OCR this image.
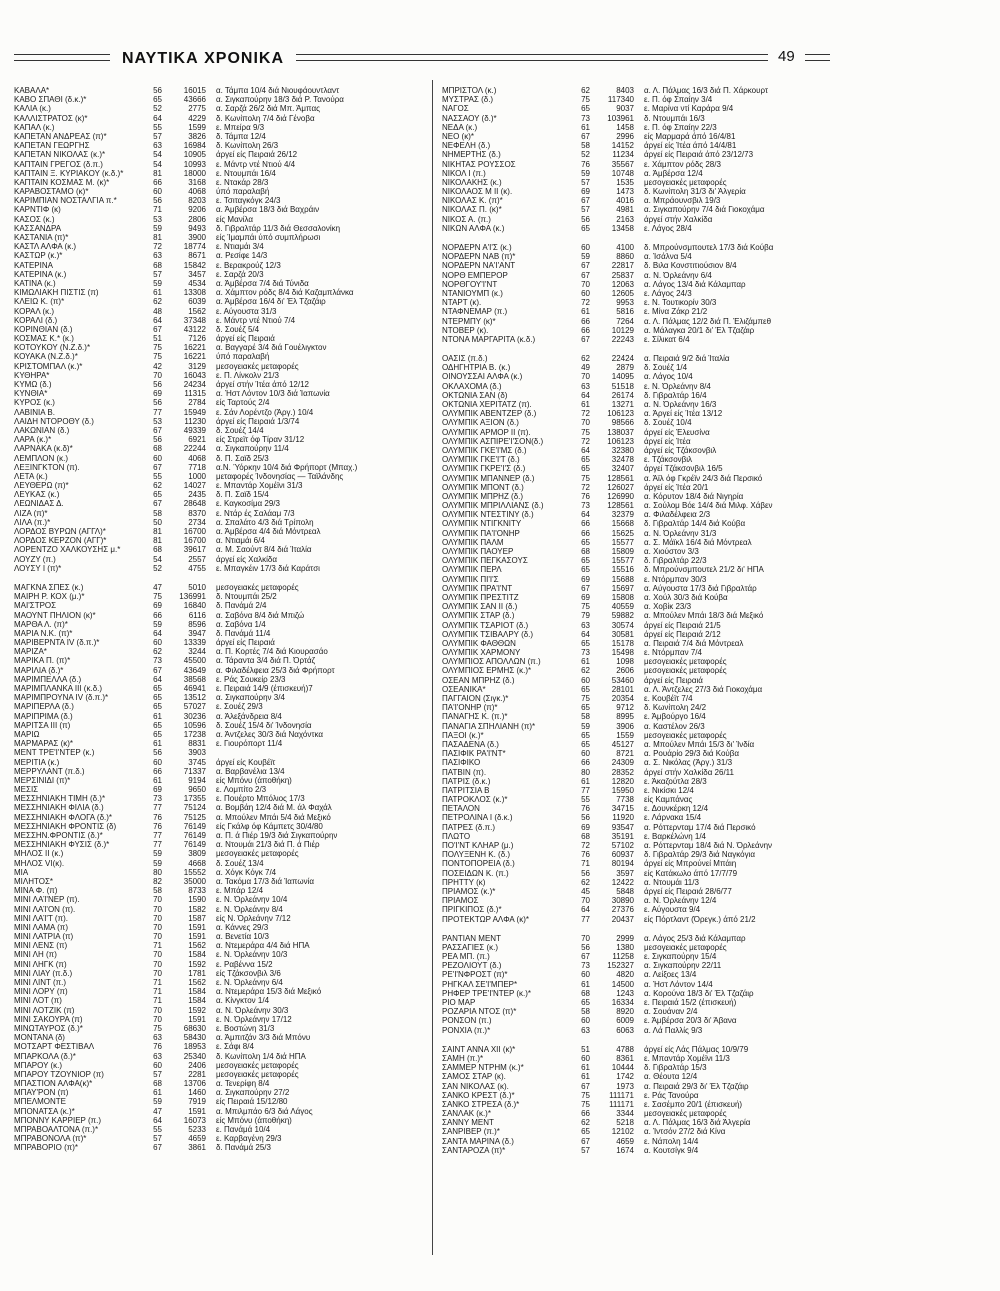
ΝΑΥΤΙΚΑ ΧΡΟΝΙΚΑ	49
ΚΑΒΑΛΑ*	56	16015	α. Τάμπα 10/4 διά Νιουφάουντλαντ
ΚΑΒΟ ΣΠΑΘΙ (δ.κ.)*	65	43666	α. Σιγκαπούρην 18/3 διά Ρ. Τανούρα
ΚΑΛΙΑ (κ.)	52	2775	α. Σαρζά 26/2 διά Μπ. Άμπας
ΚΑΛΛΙΣΤΡΑΤΟΣ (κ)*	64	4229	δ. Κωνίπολη 7/4 διά Γένοβα
ΚΑΠΑΛ (κ.)	55	1599	ε. Μπείρα 9/3
ΚΑΠΕΤΑΝ ΑΝΔΡΕΑΣ (π)*	57	3826	δ. Τάμπα 12/4
ΚΑΠΕΤΑΝ ΓΕΩΡΓΗΣ	63	16984	δ. Κωνίπολη 26/3
ΚΑΠΕΤΑΝ ΝΙΚΟΛΑΣ (κ.)*	54	10905	άργεί είς Πειραιά 26/12
ΚΑΠΤΑΙΝ ΓΡΕΓΟΣ (δ.π.)	54	10993	ε. Μάντρ ντέ Ντιού 4/4
ΚΑΠΤΑΙΝ Ξ. ΚΥΡΙΑΚΟΥ (κ.δ.)*	81	18000	ε. Ντουμπάι 16/4
ΚΑΠΤΑΙΝ ΚΟΣΜΑΣ Μ. (κ)*	66	3168	ε. Ντακάρ 28/3
ΚΑΡΑΒΟΣΤΑΜΟ (κ)*	60	4068	ύπό παραλαβή
ΚΑΡΙΜΠΙΑΝ ΝΟΣΤΑΛΓΙΑ π.*	56	8203	ε. Τσιταγκόγκ 24/3
ΚΑΡΝΤΙΦ (κ)	71	9206	α. Άμβέρσα 18/3 διά Βαχράιν
ΚΑΣΟΣ (κ.)	53	2806	είς Μανίλα
ΚΑΣΣΑΝΔΡΑ	59	9493	δ. Γιβραλτάρ 11/3 διά Θεσσαλονίκη
ΚΑΣΤΑΝΙΑ (π)*	81	3900	είς Ίμαμπάι ύπό συμπλήρωσι
ΚΑΣΤΛ ΑΛΦΑ (κ.)	72	18774	ε. Ντιαμάι 3/4
ΚΑΣΤΩΡ (κ.)*	63	8671	α. Ρεσίφε 14/3
ΚΑΤΕΡΙΝΑ	68	15842	ε. Βερακρούζ 12/3
ΚΑΤΕΡΙΝΑ (κ.)	57	3457	ε. Σαρζά 20/3
ΚΑΤΙΝΑ (κ.)	59	4534	α. Άμβέρσα 7/4 διά Τύνιδα
ΚΙΜΩΛΙΑΚΗ ΠΙΣΤΙΣ (π)	61	13308	α. Χάμπτον ρόδς 8/4 διά Καζαμπλάνκα
ΚΛΕΙΩ Κ. (π)*	62	6039	α. Άμβέρσα 16/4 δι' Έλ Τζαζάιρ
ΚΟΡΑΛ (κ.)	48	1562	ε. Αύγουστα 31/3
ΚΟΡΑΛΙ (δ.)	64	37348	ε. Μάντρ ντέ Ντιού 7/4
ΚΟΡΙΝΘΙΑΝ (δ.)	67	43122	δ. Σουέζ 5/4
ΚΟΣΜΑΣ Κ.* (κ.)	51	7126	άργεί είς Πειραιά
ΚΟΤΟΥΚΟΥ (Ν.Ζ.δ.)*	75	16221	α. Βαγγαρέ 3/4 διά Γουέλιγκτον
ΚΟΥΑΚΑ (Ν.Ζ.δ.)*	75	16221	ύπό παραλαβή
ΚΡΙΣΤΟΜΠΑΛ (κ.)*	42	3129	μεσογειακές μεταφορές
ΚΥΘΗΡΑ*	70	16043	ε. Π. Λίνκολν 21/3
ΚΥΜΩ (δ.)	56	24234	άργεί στήν Ίτέα άπό 12/12
ΚΥΝΘΙΑ*	69	11315	α. Ήστ Λόντον 10/3 διά Ίαπωνία
ΚΥΡΟΣ (κ.)	56	2784	είς Ταρτούς 2/4
ΛΑΒΙΝΙΑ Β.	77	15949	ε. Σάν Λορέντζο (Άργ.) 10/4
ΛΑΙΔΗ ΝΤΟΡΟΘΥ (δ.)	53	11230	άργεί είς Πειραιά 1/3/74
ΛΑΚΩΝΙΑΝ (δ.)	67	49339	δ. Σουέζ 14/4
ΛΑΡΑ (κ.)*	56	6921	είς Στρεϊτ όφ Τίραν 31/12
ΛΑΡΝΑΚΑ (κ.δ)*	68	22244	α. Σιγκαπούρην 11/4
ΛΕΜΠΛΟΝ (κ.)	60	4068	δ. Π. Σαϊδ 25/3
ΛΕΞΙΝΓΚΤΟΝ (π).	67	7718	α.Ν. Ύόρκην 10/4 διά Φρήπορτ (Μπαχ.)
ΛΕΤΑ (κ.)	55	1000	μεταφορές Ίνδονησίας — Ταϊλάνδης
ΛΕΥΘΕΡΩ (π)*	62	14027	ε. Μπαντάρ Χομέϊνι 31/3
ΛΕΥΚΑΣ (κ.)	65	2435	δ. Π. Σαϊδ 15/4
ΛΕΩΝΙΔΑΣ Δ.	67	28648	ε. Καγκοσίμα 29/3
ΛΙΖΑ (π)*	58	8370	ε. Ντάρ ές Σαλάαμ 7/3
ΛΙΛΑ (π.)*	50	2734	α. Σπαλάτο 4/3 διά Τρίπολη
ΛΟΡΔΟΣ ΒΥΡΩΝ (ΑΓΓΛ)*	81	16700	α. Άμβέρσα 4/4 διά Μόντρεαλ
ΛΟΡΔΟΣ ΚΕΡΖΟΝ (ΑΓΓ)*	81	16700	α. Ντιαμάι 6/4
ΛΟΡΕΝΤΖΟ ΧΑΛΚΟΥΣΗΣ μ.*	68	39617	α. Μ. Σαούντ 8/4 διά Ίταλία
ΛΟΥΖΥ (π.)	54	2557	άργεί είς Χαλκίδα
ΛΟΥΣΥ Ι (π)*	52	4755	ε. Μπαγκέιν 17/3 διά Καράτσι
ΜΑΓΚΝΑ ΣΠΕΣ (κ.)	47	5010	μεσογειακές μεταφορές
ΜΑΙΡΗ Ρ. ΚΟΧ (μ.)*	75	136991	δ. Ντουμπάι 25/2
ΜΑΙ'ΣΤΡΟΣ	69	16840	δ. Πανάμά 2/4
ΜΑΟΥΝΤ ΠΗΛΙΟΝ (κ)*	66	6116	α. Σαβόνα 8/4 διά Μπιζώ
ΜΑΡΘΑ Λ. (π)*	59	8596	α. Σαβόνα 1/4
ΜΑΡΙΑ Ν.Κ. (π)*	64	3947	δ. Πανάμά 11/4
ΜΑΡΙΒΕΡΝΤΑ IV (δ.π.)*	60	13339	άργεί είς Πειραιά
ΜΑΡΙΖΑ*	62	3244	α. Π. Κορτές 7/4 διά Κιουρασάο
ΜΑΡΙΚΑ Π. (π)*	73	45500	α. Τάραντα 3/4 διά Π. Όρτάζ
ΜΑΡΙΛΙΑ (δ.)*	67	43649	α. Φιλαδέλφεια 25/3 διά Φρήπορτ
ΜΑΡΙΜΠΕΛΛΑ (δ.)	64	38568	ε. Ράς Σουκείρ 23/3
ΜΑΡΙΜΠΛΑΝΚΑ ΙΙΙ (κ.δ.)	65	46941	ε. Πειραιά 14/9 (έπισκευή)7
ΜΑΡΙΜΠΡΟΥΝΑ IV (δ.π.)*	65	13512	α. Σιγκαπούρην 3/4
ΜΑΡΙΠΕΡΛΑ (δ.)	65	57027	ε. Σουέζ 29/3
ΜΑΡΙΠΡΙΜΑ (δ.)	61	30236	α. Άλεξάνδρεια 8/4
ΜΑΡΙΤΣΑ ΙΙΙ (π)	65	10596	δ. Σουέζ 15/4 δι' Ίνδονησία
ΜΑΡΙΩ	65	17238	α. Άντζελες 30/3 διά Ναχόντκα
ΜΑΡΜΑΡΑΣ (κ)*	61	8831	ε. Γιουρόπορτ 11/4
ΜΕΝΤ ΤΡΕ'Ι'ΝΤΕΡ (κ.)	56	3903
ΜΕΡΙΤΙΑ (κ.)	60	3745	άργεί είς Κουβέϊτ
ΜΕΡΡΥΛΑΝΤ (π.δ.)	66	71337	α. Βαρβανέλια 13/4
ΜΕΡΣΙΝΙΔΙ (π)*	61	9194	είς Μπόνυ (άποθήκη)
ΜΕΣΙΣ	69	9650	ε. Λομπίτο 2/3
ΜΕΣΣΗΝΙΑΚΗ ΤΙΜΗ (δ.)*	73	17355	ε. Πουέρτο Μπόλιος 17/3
ΜΕΣΣΗΝΙΑΚΗ ΦΙΛΙΑ (δ.)	77	75124	α. Βομβάη 12/4 διά Μ. άλ Φαχάλ
ΜΕΣΣΗΝΙΑΚΗ ΦΛΟΓΑ (δ.)*	76	75125	α. Μπούλεν Μπάι 5/4 διά Μεξικό
ΜΕΣΣΗΝΙΑΚΗ ΦΡΟΝΤΙΣ (δ)	76	76149	είς Γκάλφ όφ Κάμπετς 30/4/80
ΜΕΣΣΗΝ.ΦΡΟΝΤΙΣ (δ.)*	77	76149	α. Π. ά Πιέρ 19/3 διά Σιγκαπούρην
ΜΕΣΣΗΝΙΑΚΗ ΦΥΣΙΣ (δ.)*	77	76149	α. Ντουμάι 21/3 διά Π. ά Πιέρ
ΜΗΛΟΣ ΙΙ (κ.)	59	3809	μεσογειακές μεταφορές
ΜΗΛΟΣ VΙ(κ).	59	4668	δ. Σουέζ 13/4
ΜΙΑ	80	15552	α. Χόγκ Κόγκ 7/4
ΜΙΛΗΤΟΣ*	82	35000	α. Τακόμα 17/3 διά Ίαπωνία
ΜΙΝΑ Φ. (π)	58	8733	ε. Μπάρ 12/4
ΜΙΝΙ ΛΑΊ'ΝΕΡ (π).	70	1590	ε. Ν. Όρλεάνην 10/4
ΜΙΝΙ ΛΑΊ'ΟΝ (π).	70	1582	ε. Ν. Όρλεάνην 8/4
ΜΙΝΙ ΛΑΊ'Τ (π).	70	1587	είς Ν. Όρλεάνην 7/12
ΜΙΝΙ ΛΑΜΑ (π)	70	1591	α. Κάννες 29/3
ΜΙΝΙ ΛΑΤΡΙΑ (π)	70	1591	α. Βενετία 10/3
ΜΙΝΙ ΛΕΝΣ (π)	71	1562	α. Ντεμεράρα 4/4 διά ΗΠΑ
ΜΙΝΙ ΛΗ (π)	70	1584	ε. Ν. Όρλεάνην 10/3
ΜΙΝΙ ΛΗΓΚ (π)	70	1592	ε. Ραβέννα 15/2
ΜΙΝΙ ΛΙΑΥ (π.δ.)	70	1781	είς Τζάκσονβιλ 3/6
ΜΙΝΙ ΛΙΝΤ (π.)	71	1562	ε. Ν. Όρλεάνην 6/4
ΜΙΝΙ ΛΟΡΥ (π)	71	1584	α. Ντεμεράρα 15/3 διά Μεξικό
ΜΙΝΙ ΛΟΤ (π)	71	1584	α. Κίνγκτον 1/4
ΜΙΝΙ ΛΟΤΖΙΚ (π)	70	1592	α. Ν. Όρλεάνην 30/3
ΜΙΝΙ ΣΑΚΟΥΡΑ (π)	70	1591	ε. Ν. Όρλεάνην 17/12
ΜΙΝΩΤΑΥΡΟΣ (δ.)*	75	68630	ε. Βοστώνη 31/3
ΜΟΝΤΑΝΑ (δ)	63	58430	α. Άμπιτζάν 3/3 διά Μπόνυ
ΜΟΤΣΑΡΤ ΦΕΣΤΙΒΑΛ	76	18953	ε. Σάφι 8/4
ΜΠΑΡΚΟΛΑ (δ.)*	63	25340	δ. Κωνίπολη 1/4 διά ΗΠΑ
ΜΠΑΡΟΥ (κ.)	60	2406	μεσογειακές μεταφορές
ΜΠΑΡΟΥ ΤΖΟΥΝΙΟΡ (π)	57	2281	μεσογειακές μεταφορές
ΜΠΑΣΤΙΟΝ ΑΛΦΑ(κ)*	68	13706	α. Τενερίφη 8/4
ΜΠΑΥ'ΡΟΝ (π)	61	1460	α. Σιγκαπούρην 27/2
ΜΠΕΛΜΟΝΤΕ	59	7919	είς Πειραιά 15/12/80
ΜΠΟΝΑΤΣΑ (κ.)*	47	1591	α. Μπιλμπάο 6/3 διά Λάγος
ΜΠΟΝΝΥ ΚΑΡΡΙΕΡ (π.)	64	16073	είς Μπόνυ (άποθήκη)
ΜΠΡΑΒΟΑΛΤΟΝΑ (π.)*	55	5233	ε. Πανάμά 10/4
ΜΠΡΑΒΟΝΟΛΑ (π)*	57	4659	ε. Καρβαγένη 29/3
ΜΠΡΑΒΟΡΙΟ (π)*	67	3861	δ. Πανάμά 25/3
ΜΠΡΙΣΤΟΛ (κ.)	62	8403	α. Λ. Πάλμας 16/3 διά Π. Χάρκουρτ
ΜΥΣΤΡΑΣ (δ.)	75	117340	ε. Π. όφ Σπαίην 3/4
ΝΑΓΟΣ	65	9037	ε. Μαρίνα ντί Καράρα 9/4
ΝΑΣΣΑΟΥ (δ.)*	73	103961	δ. Ντουμπάι 16/3
ΝΕΔΑ (κ.)	61	1458	ε. Π. όφ Σπαίην 22/3
ΝΕΟ (κ)*	67	2996	είς Μαρμαρά άπό 16/4/81
ΝΕΦΕΛΗ (δ.)	58	14152	άργεί είς Ίτέα άπό 14/4/81
ΝΗΜΕΡΤΗΣ (δ.)	52	11234	άργεί είς Πειραιά άπό 23/12/73
ΝΙΚΗΤΑΣ ΡΟΥΣΣΟΣ	76	35567	ε. Χάμπτον ρόδς 28/3
ΝΙΚΟΛ Ι (π.)	59	10748	α. Άμβέρσα 12/4
ΝΙΚΟΛΑΚΗΣ (κ.)	57	1535	μεσογειακές μεταφορές
ΝΙΚΟΛΑΟΣ Μ ΙΙ (κ).	69	1473	δ. Κωνίπολη 31/3 δι' Άλγερία
ΝΙΚΟΛΑΣ Κ. (π)*	67	4016	α. Μπράουνσβιλ 19/3
ΝΙΚΟΛΑΣ Π. (κ)*	57	4981	α. Σιγκαπούρην 7/4 διά Γιοκοχάμα
ΝΙΚΟΣ Α. (π.)	56	2163	άργεί στήν Χαλκίδα
ΝΙΚΩΝ ΑΛΦΑ (κ.)	65	13458	ε. Λάγος 28/4
ΝΟΡΔΕΡΝ Α'Ι'Σ (κ.)	60	4100	δ. Μπρούνσμπουτελ 17/3 διά Κούβα
ΝΟΡΔΕΡΝ ΝΑΒ (π)*	59	8860	α. Ίσάλνα 5/4
ΝΟΡΔΕΡΝ ΝΑ'Ι'ΑΝΤ	67	22817	δ. Βιλα Κονστιτιούσιον 8/4
ΝΟΡΘ ΕΜΠΕΡΟΡ	67	25837	α. Ν. Όρλεάνην 6/4
ΝΟΡΘΓΟΥ'Ι'ΝΤ	70	12063	α. Λάγος 13/4 διά Κάλαμπαρ
ΝΤΑΝΙΟΥΜΠ (κ.)	60	12605	ε. Λάγος 24/3
ΝΤΑΡΤ (κ).	72	9953	ε. Ν. Τουτικορίν 30/3
ΝΤΑΦΝΕΜΑΡ (π.)	61	5816	ε. Μίνα Ζάκρ 21/2
ΝΤΕΡΜΠΥ (κ)*	66	7264	α. Λ. Πάλμας 12/2 διά Π. Έλιζάμπεθ
ΝΤΟΒΕΡ (κ).	66	10129	α. Μάλαγκα 20/1 δι' Έλ Τζαζάιρ
ΝΤΟΝΑ ΜΑΡΓΑΡΙΤΑ (κ.δ.)	67	22243	ε. Σίλικατ 6/4
ΟΑΣΙΣ (π.δ.)	62	22424	α. Πειραιά 9/2 διά Ίταλία
ΟΔΗΓΗΤΡΙΑ Β. (κ.)	49	2879	δ. Σουέζ 1/4
ΟΙΝΟΥΣΣΑΙ ΑΛΦΑ (κ.)	70	14095	α. Λάγος 10/4
ΟΚΛΑΧΟΜΑ (δ.)	63	51518	ε. Ν. Όρλεάνην 8/4
ΟΚΤΩΝΙΑ ΣΑΝ (δ)	64	26174	δ. Γιβραλτάρ 16/4
ΟΚΤΩΝΙΑ ΧΕΡΙΤΑΤΖ (π).	61	13271	α. Ν. Όρλεάνην 16/3
ΟΛΥΜΠΙΚ ΑΒΕΝΤΖΕΡ (δ.)	72	106123	α. Άργεί είς Ίτέα 13/12
ΟΛΥΜΠΙΚ ΑΞΙΟΝ (δ.)	70	98566	δ. Σουέζ 10/4
ΟΛΥΜΠΙΚ ΑΡΜΟΡ ΙΙ (π).	75	138037	άργεί είς Έλευσίνα
ΟΛΥΜΠΙΚ ΑΣΠΙΡΕ'Ι'ΣΟΝ(δ.)	72	106123	άργεί είς Ίτέα
ΟΛΥΜΠΙΚ ΓΚΕ'Ι'ΜΣ (δ.)	64	32380	άργεί είς Τζάκσονβιλ
ΟΛΥΜΠΙΚ ΓΚΕ'Ι'Τ (δ.)	65	32478	ε. Τζάκσονβιλ
ΟΛΥΜΠΙΚ ΓΚΡΕ'Ι'Σ (δ.)	65	32407	άργεί Τζάκσονβιλ 16/5
ΟΛΥΜΠΙΚ ΜΠΑΝΝΕΡ (δ.)	75	128561	α. Άϊλ όφ Γκρέϊν 24/3 διά Περσικό
ΟΛΥΜΠΙΚ ΜΠΟΝΤ (δ.)	72	126027	άργεί είς Ίτέα 20/1
ΟΛΥΜΠΙΚ ΜΠΡΗΖ (δ.)	76	126990	α. Κόρυτον 18/4 διά Νιγηρία
ΟΛΥΜΠΙΚ ΜΠΡΙΛΛΙΑΝΣ (δ.)	73	128561	α. Σούλομ Βόε 14/4 διά Μιλφ. Χάβεν
ΟΛΥΜΠΙΚ ΝΤΕΣΤΙΝΥ (δ.)	64	32379	α. Φιλαδέλφεια 2/3
ΟΛΥΜΠΙΚ ΝΤΙΓΚΝΙΤΥ	66	15668	δ. Γιβραλτάρ 14/4 διά Κούβα
ΟΛΥΜΠΙΚ ΠΑ'Ι'ΟΝΗΡ	66	15625	α. Ν. Όρλεάνην 31/3
ΟΛΥΜΠΙΚ ΠΑΛΜ	65	15577	α. Σ. Μάϊκλ 16/4 διά Μόντρεαλ
ΟΛΥΜΠΙΚ ΠΑΟΥΕΡ	68	15809	α. Χιούστον 3/3
ΟΛΥΜΠΙΚ ΠΕΓΚΑΣΟΥΣ	65	15577	δ. Γιβραλτάρ 22/3
ΟΛΥΜΠΙΚ ΠΕΡΛ	65	15516	δ. Μπρούνσμπουτελ 21/2 δι' ΗΠΑ
ΟΛΥΜΠΙΚ ΠΙ'Ι'Σ	69	15688	ε. Ντόρμπαν 30/3
ΟΛΥΜΠΙΚ ΠΡΑ'Ι'ΝΤ	67	15697	α. Αύγουστα 17/3 διά Γιβραλτάρ
ΟΛΥΜΠΙΚ ΠΡΕΣΤΙΤΖ	69	15808	α. Χούλ 30/3 διά Κούβα
ΟΛΥΜΠΙΚ ΣΑΝ ΙΙ (δ.)	75	40559	α. Χοβίκ 23/3
ΟΛΥΜΠΙΚ ΣΤΑΡ (δ.)	79	59882	α. Μπούλεν Μπάι 18/3 διά Μεξικό
ΟΛΥΜΠΙΚ ΤΣΑΡΙΟΤ (δ.)	63	30574	άργεί είς Πειραιά 21/5
ΟΛΥΜΠΙΚ ΤΣΙΒΑΛΡΥ (δ.)	64	30581	άργεί είς Πειραιά 2/12
ΟΛΥΜΠΙΚ ΦΑΘΘΩΝ	65	15178	α. Πειραιά 7/4 διά Μόντρεαλ
ΟΛΥΜΠΙΚ ΧΑΡΜΟΝΥ	73	15498	ε. Ντόρμπαν 7/4
ΟΛΥΜΠΙΟΣ ΑΠΟΛΛΩΝ (π.)	61	1098	μεσογειακές μεταφορές
ΟΛΥΜΠΙΟΣ ΕΡΜΗΣ (κ.)*	62	2606	μεσογειακές μεταφορές
ΟΣΕΑΝ ΜΠΡΗΖ (δ.)	60	53460	άργεί είς Πειραιά
ΟΣΕΑΝΙΚΑ*	65	28101	α. Λ. Άντζελες 27/3 διά Γιοκοχάμα
ΠΑΓΓΑΙΟΝ (Σιγκ.)*	75	20354	ε. Κουβέϊτ 7/4
ΠΑ'Ι'ΟΝΗΡ (π)*	65	9712	δ. Κωνίπολη 24/2
ΠΑΝΑΓΗΣ Κ. (π.)*	58	8995	ε. Άμβούργο 16/4
ΠΑΝΑΓΙΑ ΣΠΗΛΙΑΝΗ (π)*	59	3906	α. Καστέλον 26/3
ΠΑΞΟΙ (κ.)*	65	1559	μεσογειακές μεταφορές
ΠΑΣΑΔΕΝΑ (δ.)	65	45127	α. Μπούλεν Μπάι 15/3 δι' Ίνδία
ΠΑΣΙΦΙΚ ΡΑ'Ι'ΝΤ*	60	8721	α. Ρουάρίο 29/3 διά Κούβα
ΠΑΣΙΦΙΚΟ	66	24309	α. Σ. Νικόλας (Άργ.) 31/3
ΠΑΤΒΙΝ (π).	80	28352	άργεί στήν Χαλκίδα 26/11
ΠΑΤΡΙΣ (δ.κ.)	61	12820	ε. Άκαζούτλα 28/3
ΠΑΤΡΙΤΣΙΑ Β	77	15950	ε. Νικίσκι 12/4
ΠΑΤΡΟΚΛΟΣ (κ.)*	55	7738	είς Καμπάνας
ΠΕΤΑΛΟΝ	76	34715	ε. Δουνκέρκη 12/4
ΠΕΤΡΟΛΙΝΑ Ι (δ.κ.)	56	11920	ε. Λάρνακα 15/4
ΠΑΤΡΕΣ (δ.π.)	69	93547	α. Ρόττερνταμ 17/4 διά Περσικό
ΠΛΩΤΟ	68	35191	ε. Βαρκέλώνη 1/4
ΠΟ'Ι'ΝΤ ΚΛΗΑΡ (μ.)	72	57102	α. Ρόττερνταμ 18/4 διά Ν. Όρλεάνην
ΠΟΛΥΞΕΝΗ Κ. (δ.)	76	60937	δ. Γιβραλτάρ 29/3 διά Ναγκόγια
ΠΟΝΤΟΠΟΡΕΙΑ (δ.)	71	80194	άργεί είς Μπρούνεί Μπάιη
ΠΟΣΕΙΔΩΝ Κ. (π.)	56	3597	είς Κατάκωλο άπό 17/7/79
ΠΡΗΤΤΥ (κ)	62	12422	α. Ντουμάι 11/3
ΠΡΙΑΜΟΣ (κ.)*	45	5848	άργεί είς Πειραιά 28/6/77
ΠΡΙΑΜΟΣ	70	30890	α. Ν. Όρλεάνην 12/4
ΠΡΙΓΚΙΠΟΣ (δ.)*	64	27376	ε. Αύγουστα 9/4
ΠΡΟΤΕΚΤΩΡ ΑΛΦΑ (κ)*	77	20437	είς Πόρτλαντ (Όρεγκ.) άπό 21/2
ΡΑΝΤΙΑΝ ΜΕΝΤ	70	2999	α. Λάγος 25/3 διά Κάλαμπαρ
ΡΑΣΣΑΓΙΕΣ (κ.)	56	1380	μεσογειακές μεταφορές
ΡΕΑ ΜΠ. (π.)	67	11258	ε. Σιγκαπούρην 15/4
ΡΕΖΟΛΙΟΥΤ (δ.)	73	152327	α. Σιγκαπούρην 22/11
ΡΕ'Ι'ΝΦΡΟΣΤ (π)*	60	4820	α. Λείξοες 13/4
ΡΗΓΚΑΛ ΣΕ'Ι'ΜΠΕΡ*	61	14500	α. Ήστ Λόντον 14/4
ΡΗΦΕΡ ΤΡΕ'Ι'ΝΤΕΡ (κ.)*	68	1243	α. Κορούνα 18/3 δι' Έλ Τζαζάιρ
ΡΙΟ ΜΑΡ	65	16334	ε. Πειραιά 15/2 (έπισκευή)
ΡΟΖΑΡΙΑ ΝΤΟΣ (π)*	58	8920	α. Σουάναν 2/4
ΡΟΝΣΟΝ (π.)	60	6009	ε. Άμβέρσα 20/3 δι' Άβανα
ΡΟΝΧΙΑ (π.)*	63	6063	α. Λά Παλλίς 9/3
ΣΑΙΝΤ ΑΝΝΑ XII (κ)*	51	4788	άργεί είς Λάς Πάλμας 10/9/79
ΣΑΜΗ (π.)*	60	8361	ε. Μπαντάρ Χομέϊνι 11/3
ΣΑΜΜΕΡ ΝΤΡΗΜ (κ.)*	61	10444	δ. Γιβραλτάρ 15/3
ΣΑΜΟΣ ΣΤΑΡ (κ).	61	1742	α. Θέουτα 12/4
ΣΑΝ ΝΙΚΟΛΑΣ (κ).	67	1973	α. Πειραιά 29/3 δι' Έλ Τζαζάιρ
ΣΑΝΚΟ ΚΡΕΣΤ (δ.)*	75	111171	ε. Ράς Τανούρα
ΣΑΝΚΟ ΣΤΡΕΣΑ (δ.)*	75	111171	ε. Σασέμπο 20/1 (έπισκευή)
ΣΑΝΛΑΚ (κ.)*	66	3344	μεσογειακές μεταφορές
ΣΑΝΝΥ ΜΕΝΤ	62	5218	α. Λ. Πάλμας 16/3 διά Άλγερία
ΣΑΝΡΙΒΕΡ (π.)*	65	12102	α. Ίντσόν 27/2 διά Κίνα
ΣΑΝΤΑ ΜΑΡΙΝΑ (δ.)	67	4659	ε. Νάπολη 14/4
ΣΑΝΤΑΡΟΖΑ (π)*	57	1674	α. Κουτσίγκ 9/4
